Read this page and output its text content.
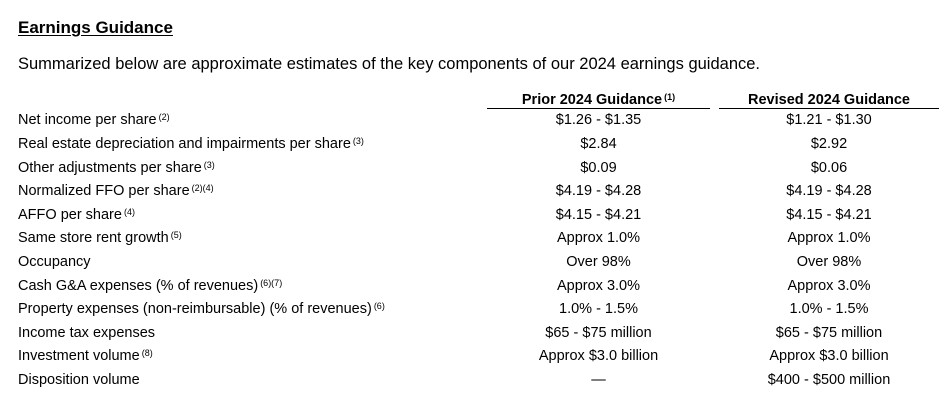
Earnings Guidance
Summarized below are approximate estimates of the key components of our 2024 earnings guidance.
	Prior 2024 Guidance $^{(1)}$		Revised 2024 Guidance
Net income per share $^{(2)}$	$1.26 - $1.35		$1.21 - $1.30
Real estate depreciation and impairments per share $^{(3)}$	$2.84		$2.92
Other adjustments per share $^{(3)}$	$0.09		$0.06
Normalized FFO per share $^{(2)(4)}$	$4.19 - $4.28		$4.19 - $4.28
AFFO per share $^{(4)}$	$4.15 - $4.21		$4.15 - $4.21
Same store rent growth $^{(5)}$	Approx 1.0%		Approx 1.0%
Occupancy	Over 98%		Over 98%
Cash G&A expenses (% of revenues) $^{(6)(7)}$	Approx 3.0%		Approx 3.0%
Property expenses (non-reimbursable) (% of revenues) $^{(6)}$	1.0% - 1.5%		1.0% - 1.5%
Income tax expenses	$65 - $75 million		$65 - $75 million
Investment volume $^{(8)}$	Approx $3.0 billion		Approx $3.0 billion
Disposition volume	—		$400 - $500 million
